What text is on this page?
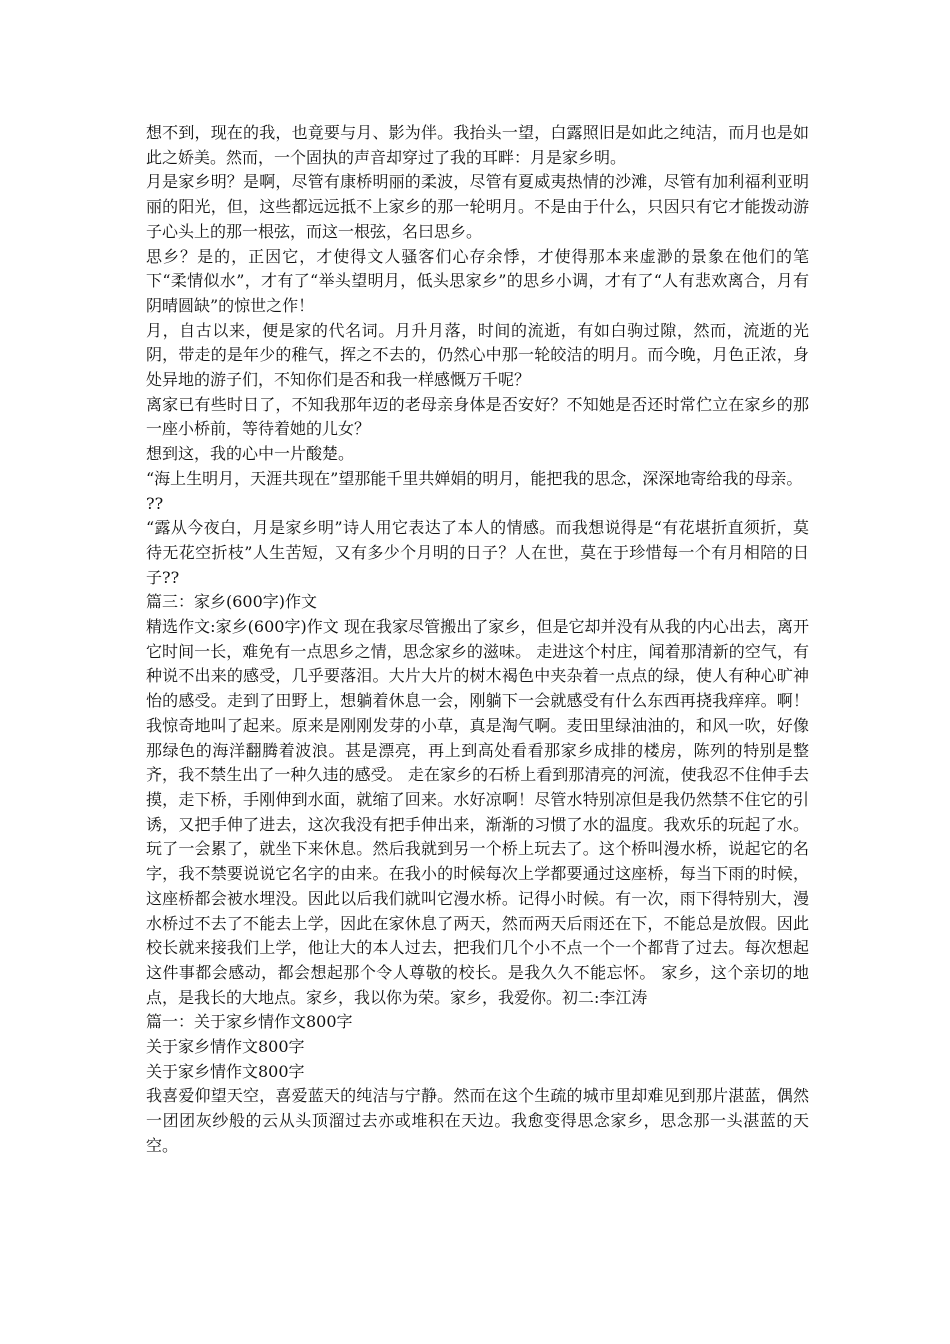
想不到，现在的我，也竟要与月、影为伴。我抬头一望，白露照旧是如此之纯洁，而月也是如此之娇美。然而，一个固执的声音却穿过了我的耳畔：月是家乡明。

月是家乡明？是啊，尽管有康桥明丽的柔波，尽管有夏威夷热情的沙滩，尽管有加利福利亚明丽的阳光，但，这些都远远抵不上家乡的那一轮明月。不是由于什么，只因只有它才能拨动游子心头上的那一根弦，而这一根弦，名曰思乡。

思乡？是的，正因它，才使得文人骚客们心存余悸，才使得那本来虚渺的景象在他们的笔下“柔情似水”，才有了“举头望明月，低头思家乡”的思乡小调，才有了“人有悲欢离合，月有阴晴圆缺”的惊世之作！

月，自古以来，便是家的代名词。月升月落，时间的流逝，有如白驹过隙，然而，流逝的光阴，带走的是年少的稚气，挥之不去的，仍然心中那一轮皎洁的明月。而今晚，月色正浓，身处异地的游子们，不知你们是否和我一样感慨万千呢？

离家已有些时日了，不知我那年迈的老母亲身体是否安好？不知她是否还时常伫立在家乡的那一座小桥前，等待着她的儿女？

想到这，我的心中一片酸楚。

“海上生明月，天涯共现在”望那能千里共婵娟的明月，能把我的思念，深深地寄给我的母亲。

??

“露从今夜白，月是家乡明”诗人用它表达了本人的情感。而我想说得是“有花堪折直须折，莫待无花空折枝”人生苦短，又有多少个月明的日子？人在世，莫在于珍惜每一个有月相陪的日子??

篇三：家乡(600字)作文

精选作文:家乡(600字)作文 现在我家尽管搬出了家乡，但是它却并没有从我的内心出去，离开它时间一长，难免有一点思乡之情，思念家乡的滋味。 走进这个村庄，闻着那清新的空气，有种说不出来的感受，几乎要落泪。大片大片的树木褐色中夹杂着一点点的绿，使人有种心旷神怡的感受。走到了田野上，想躺着休息一会，刚躺下一会就感受有什么东西再挠我痒痒。啊！我惊奇地叫了起来。原来是刚刚发芽的小草，真是淘气啊。麦田里绿油油的，和风一吹，好像那绿色的海洋翻腾着波浪。甚是漂亮，再上到高处看看那家乡成排的楼房，陈列的特别是整齐，我不禁生出了一种久违的感受。 走在家乡的石桥上看到那清亮的河流，使我忍不住伸手去摸，走下桥，手刚伸到水面，就缩了回来。水好凉啊！尽管水特别凉但是我仍然禁不住它的引诱，又把手伸了进去，这次我没有把手伸出来，渐渐的习惯了水的温度。我欢乐的玩起了水。玩了一会累了，就坐下来休息。然后我就到另一个桥上玩去了。这个桥叫漫水桥，说起它的名字，我不禁要说说它名字的由来。在我小的时候每次上学都要通过这座桥，每当下雨的时候，这座桥都会被水埋没。因此以后我们就叫它漫水桥。记得小时候。有一次，雨下得特别大，漫水桥过不去了不能去上学，因此在家休息了两天，然而两天后雨还在下，不能总是放假。因此校长就来接我们上学，他让大的本人过去，把我们几个小不点一个一个都背了过去。每次想起这件事都会感动，都会想起那个令人尊敬的校长。是我久久不能忘怀。 家乡，这个亲切的地点，是我长的大地点。家乡，我以你为荣。家乡，我爱你。初二:李江涛

篇一：关于家乡情作文800字

关于家乡情作文800字

关于家乡情作文800字

我喜爱仰望天空，喜爱蓝天的纯洁与宁静。然而在这个生疏的城市里却难见到那片湛蓝，偶然一团团灰纱般的云从头顶溜过去亦或堆积在天边。我愈变得思念家乡，思念那一头湛蓝的天空。
